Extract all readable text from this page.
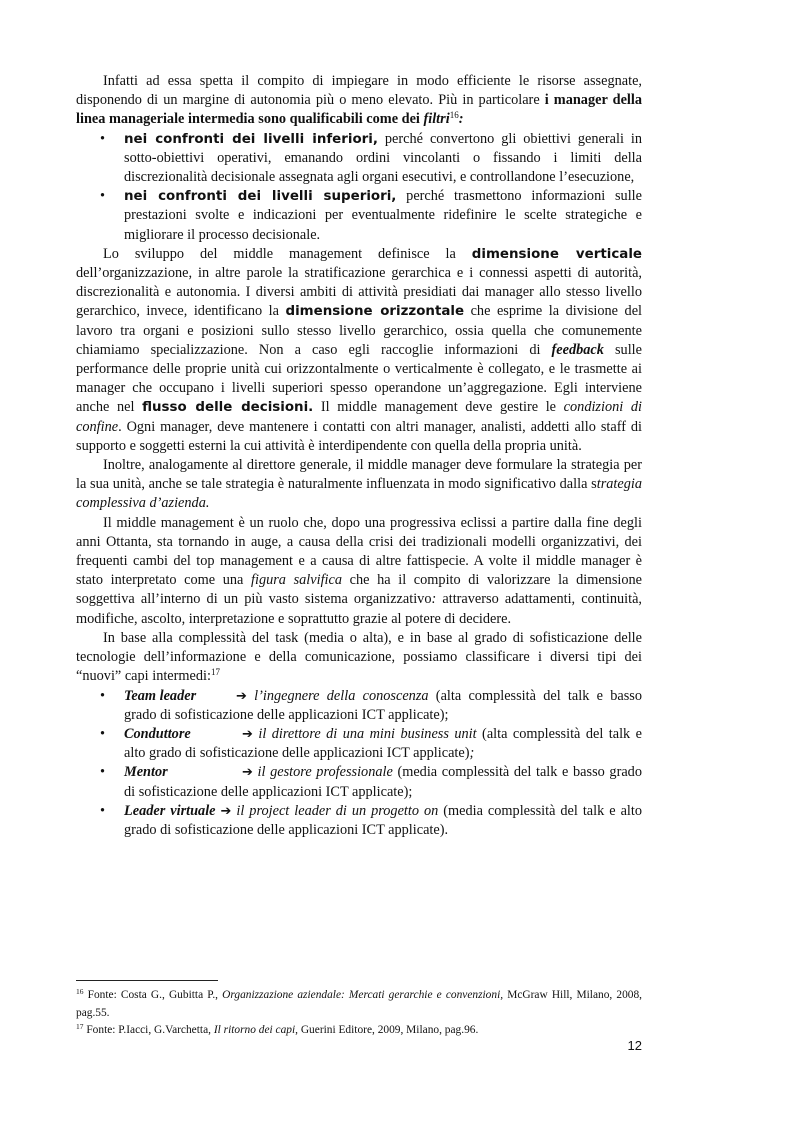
Infatti ad essa spetta il compito di impiegare in modo efficiente le risorse assegnate, disponendo di un margine di autonomia più o meno elevato. Più in particolare i manager della linea manageriale intermedia sono qualificabili come dei filtri$^{16}$:

• nei confronti dei livelli inferiori, perché convertono gli obiettivi generali in sotto-obiettivi operativi, emanando ordini vincolanti o fissando i limiti della discrezionalità decisionale assegnata agli organi esecutivi, e controllandone l’esecuzione,
• nei confronti dei livelli superiori, perché trasmettono informazioni sulle prestazioni svolte e indicazioni per eventualmente ridefinire le scelte strategiche e migliorare il processo decisionale.

Lo sviluppo del middle management definisce la dimensione verticale dell’organizzazione, in altre parole la stratificazione gerarchica e i connessi aspetti di autorità, discrezionalità e autonomia. I diversi ambiti di attività presidiati dai manager allo stesso livello gerarchico, invece, identificano la dimensione orizzontale che esprime la divisione del lavoro tra organi e posizioni sullo stesso livello gerarchico, ossia quella che comunemente chiamiamo specializzazione. Non a caso egli raccoglie informazioni di feedback sulle performance delle proprie unità cui orizzontalmente o verticalmente è collegato, e le trasmette ai manager che occupano i livelli superiori spesso operandone un’aggregazione. Egli interviene anche nel flusso delle decisioni. Il middle management deve gestire le condizioni di confine. Ogni manager, deve mantenere i contatti con altri manager, analisti, addetti allo staff di supporto e soggetti esterni la cui attività è interdipendente con quella della propria unità.

Inoltre, analogamente al direttore generale, il middle manager deve formulare la strategia per la sua unità, anche se tale strategia è naturalmente influenzata in modo significativo dalla strategia complessiva d’azienda.

Il middle management è un ruolo che, dopo una progressiva eclissi a partire dalla fine degli anni Ottanta, sta tornando in auge, a causa della crisi dei tradizionali modelli organizzativi, dei frequenti cambi del top management e a causa di altre fattispecie. A volte il middle manager è stato interpretato come una figura salvifica che ha il compito di valorizzare la dimensione soggettiva all’interno di un più vasto sistema organizzativo: attraverso adattamenti, continuità, modifiche, ascolto, interpretazione e soprattutto grazie al potere di decidere.

In base alla complessità del task (media o alta), e in base al grado di sofisticazione delle tecnologie dell’informazione e della comunicazione, possiamo classificare i diversi tipi dei “nuovi” capi intermedi:$^{17}$

• Team leader	➔ l’ingegnere della conoscenza (alta complessità del talk e basso grado di sofisticazione delle applicazioni ICT applicate);
• Conduttore	➔ il direttore di una mini business unit (alta complessità del talk e alto grado di sofisticazione delle applicazioni ICT applicate);
• Mentor	➔ il gestore professionale (media complessità del talk e basso grado di sofisticazione delle applicazioni ICT applicate);
• Leader virtuale ➔ il project leader di un progetto on (media complessità del talk e alto grado di sofisticazione delle applicazioni ICT applicate).
$^{16}$ Fonte: Costa G., Gubitta P., Organizzazione aziendale: Mercati gerarchie e convenzioni, McGraw Hill, Milano, 2008, pag.55.
$^{17}$ Fonte: P.Iacci, G.Varchetta, Il ritorno dei capi, Guerini Editore, 2009, Milano, pag.96.
12
